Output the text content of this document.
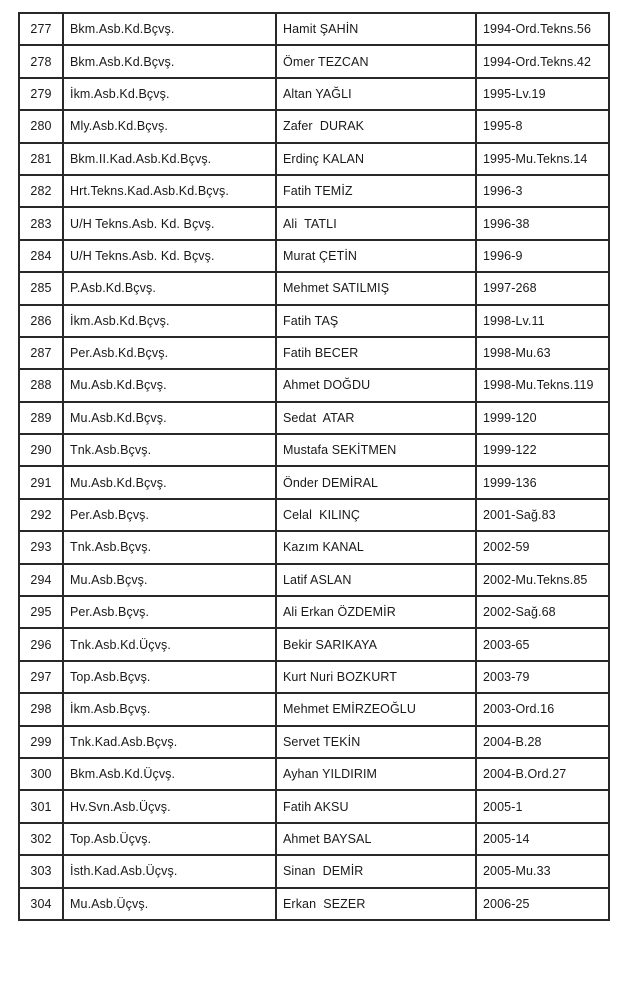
277	Bkm.Asb.Kd.Bçvş.	Hamit ŞAHİN	1994-Ord.Tekns.56
278	Bkm.Asb.Kd.Bçvş.	Ömer TEZCAN	1994-Ord.Tekns.42
279	İkm.Asb.Kd.Bçvş.	Altan YAĞLI	1995-Lv.19
280	Mly.Asb.Kd.Bçvş.	Zafer  DURAK	1995-8
281	Bkm.II.Kad.Asb.Kd.Bçvş.	Erdinç KALAN	1995-Mu.Tekns.14
282	Hrt.Tekns.Kad.Asb.Kd.Bçvş.	Fatih TEMİZ	1996-3
283	U/H Tekns.Asb. Kd. Bçvş.	Ali  TATLI	1996-38
284	U/H Tekns.Asb. Kd. Bçvş.	Murat ÇETİN	1996-9
285	P.Asb.Kd.Bçvş.	Mehmet SATILMIŞ	1997-268
286	İkm.Asb.Kd.Bçvş.	Fatih TAŞ	1998-Lv.11
287	Per.Asb.Kd.Bçvş.	Fatih BECER	1998-Mu.63
288	Mu.Asb.Kd.Bçvş.	Ahmet DOĞDU	1998-Mu.Tekns.119
289	Mu.Asb.Kd.Bçvş.	Sedat  ATAR	1999-120
290	Tnk.Asb.Bçvş.	Mustafa SEKİTMEN	1999-122
291	Mu.Asb.Kd.Bçvş.	Önder DEMİRAL	1999-136
292	Per.Asb.Bçvş.	Celal  KILINÇ	2001-Sağ.83
293	Tnk.Asb.Bçvş.	Kazım KANAL	2002-59
294	Mu.Asb.Bçvş.	Latif ASLAN	2002-Mu.Tekns.85
295	Per.Asb.Bçvş.	Ali Erkan ÖZDEMİR	2002-Sağ.68
296	Tnk.Asb.Kd.Üçvş.	Bekir SARIKAYA	2003-65
297	Top.Asb.Bçvş.	Kurt Nuri BOZKURT	2003-79
298	İkm.Asb.Bçvş.	Mehmet EMİRZEOĞLU	2003-Ord.16
299	Tnk.Kad.Asb.Bçvş.	Servet TEKİN	2004-B.28
300	Bkm.Asb.Kd.Üçvş.	Ayhan YILDIRIM	2004-B.Ord.27
301	Hv.Svn.Asb.Üçvş.	Fatih AKSU	2005-1
302	Top.Asb.Üçvş.	Ahmet BAYSAL	2005-14
303	İsth.Kad.Asb.Üçvş.	Sinan  DEMİR	2005-Mu.33
304	Mu.Asb.Üçvş.	Erkan  SEZER	2006-25
